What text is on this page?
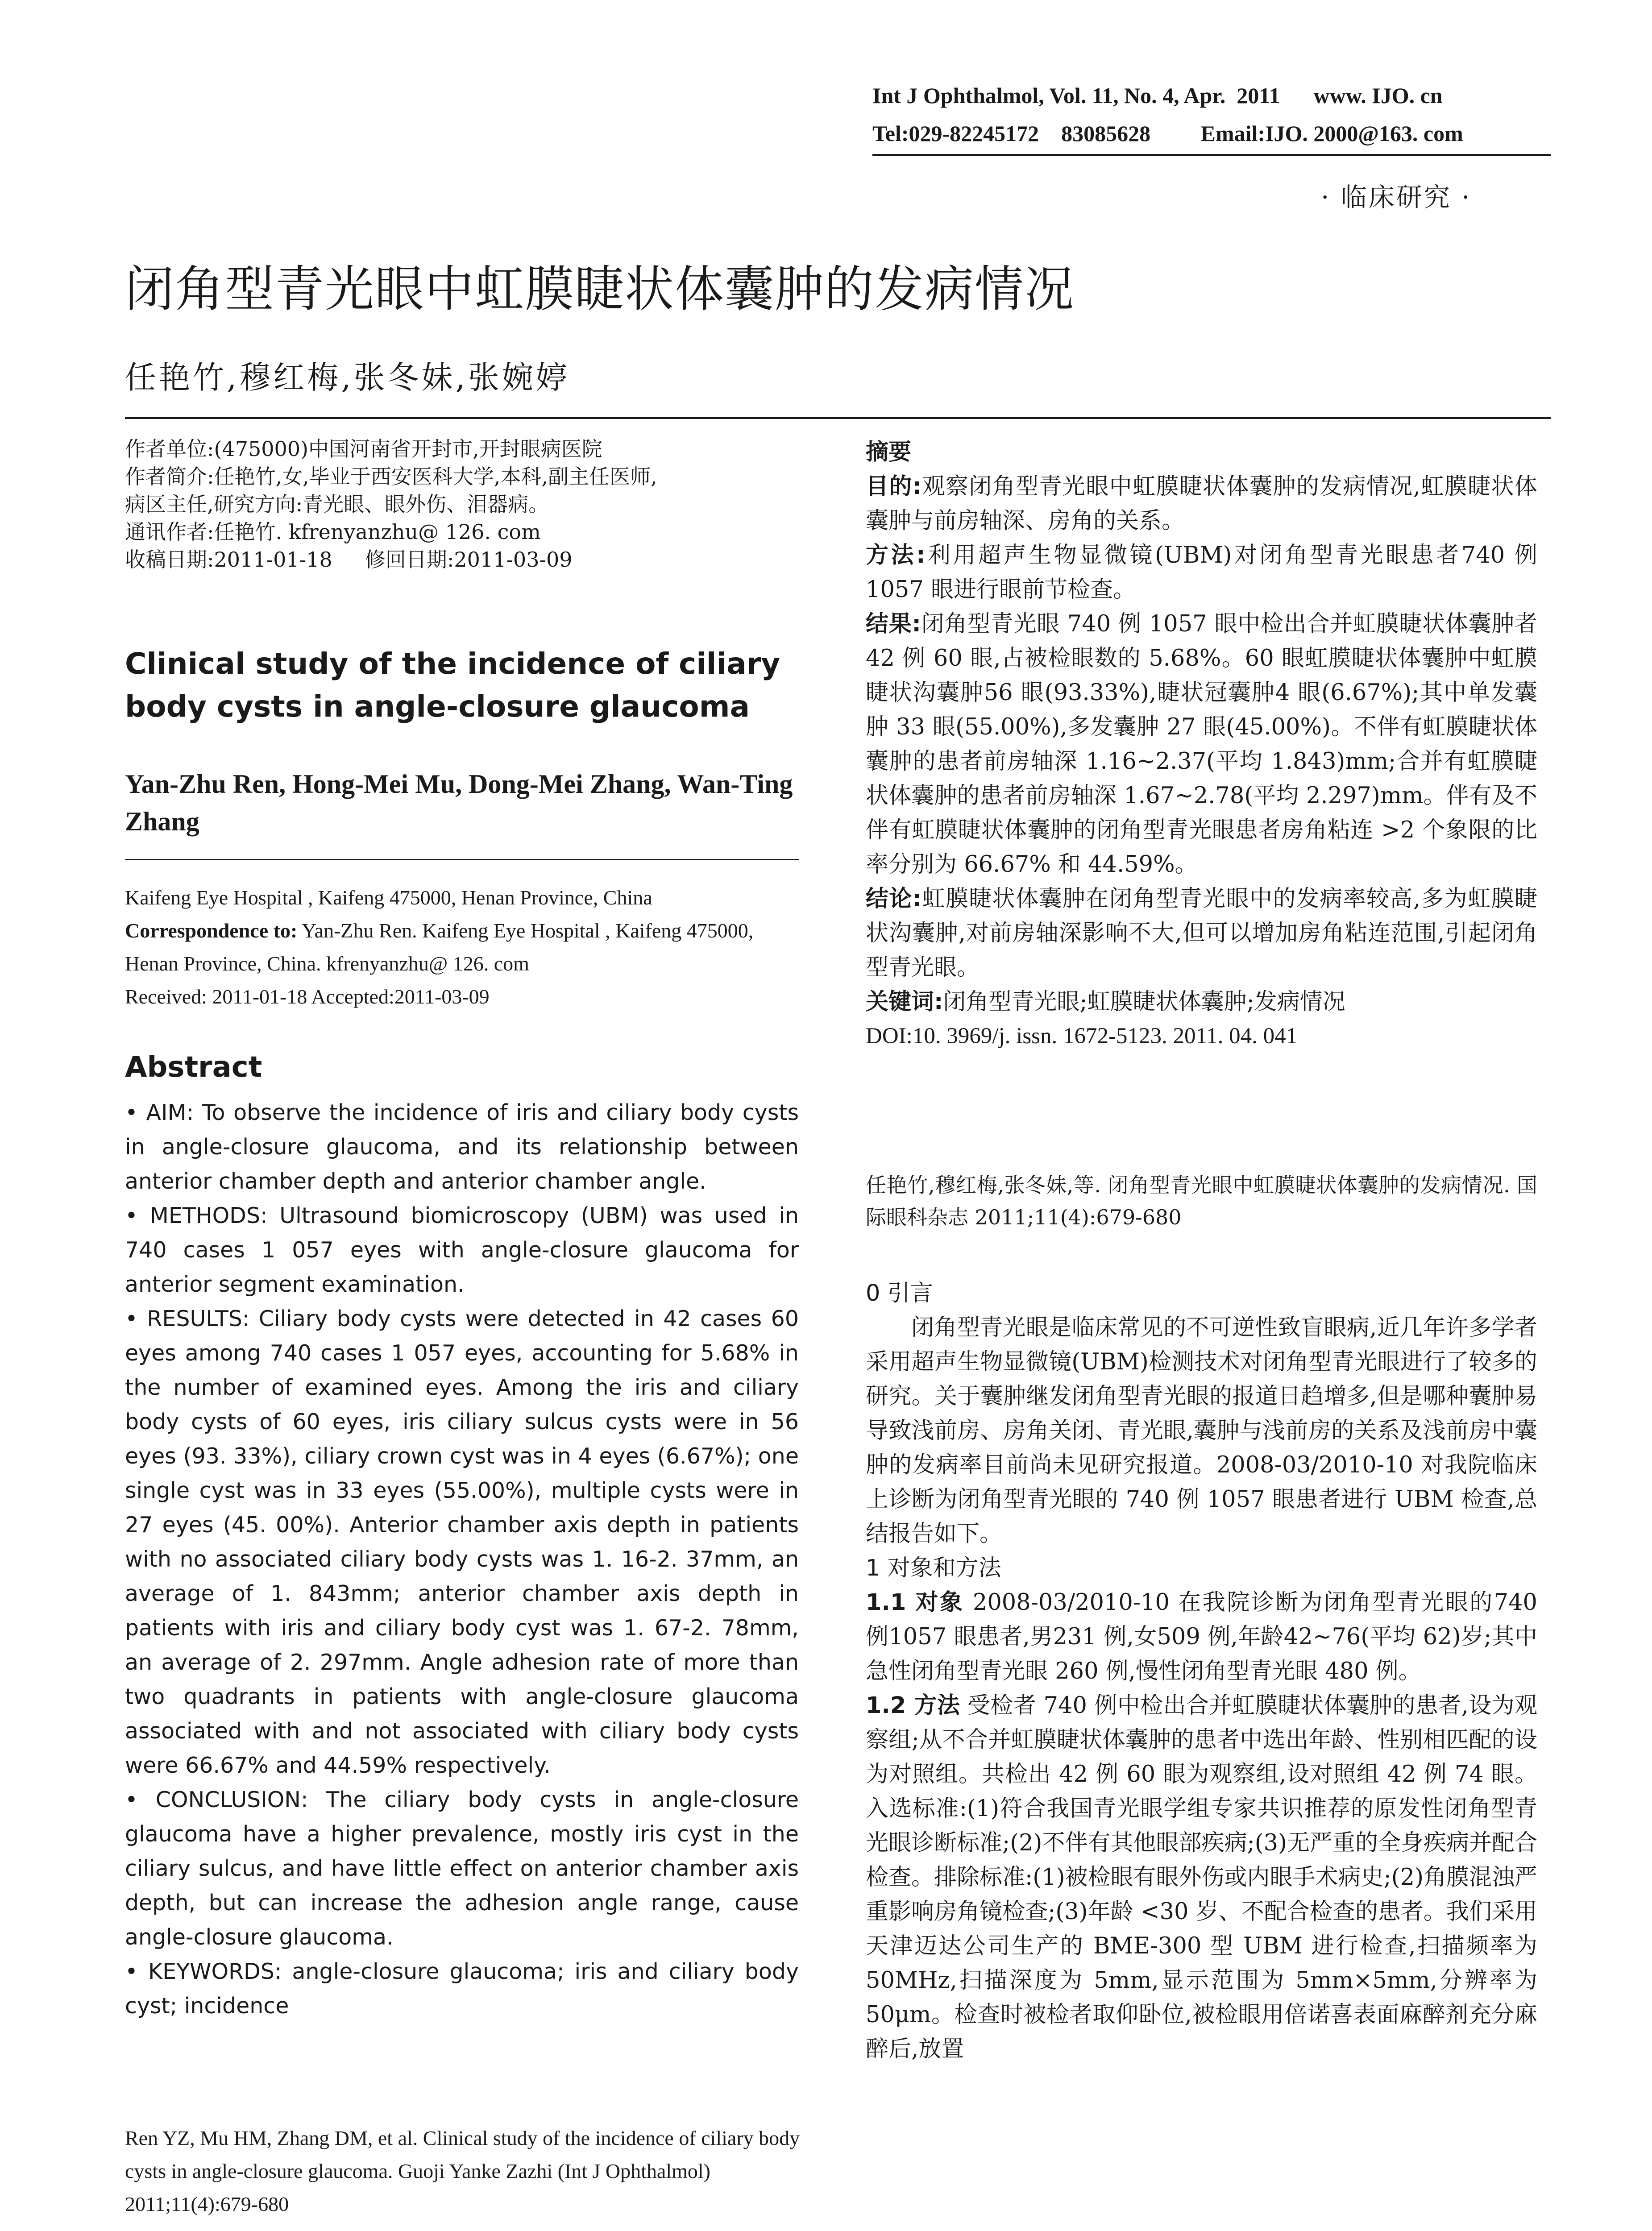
Int J Ophthalmol, Vol. 11, No. 4, Apr.  2011      www. IJO. cn
Tel:029-82245172    83085628         Email:IJO. 2000@163. com
· 临床研究 ·
闭角型青光眼中虹膜睫状体囊肿的发病情况
任艳竹,穆红梅,张冬妹,张婉婷
作者单位:(475000)中国河南省开封市,开封眼病医院
作者简介:任艳竹,女,毕业于西安医科大学,本科,副主任医师,
病区主任,研究方向:青光眼、眼外伤、泪器病。
通讯作者:任艳竹. kfrenyanzhu@ 126. com
收稿日期:2011-01-18     修回日期:2011-03-09
Clinical study of the incidence of ciliary body cysts in angle-closure glaucoma
Yan-Zhu Ren, Hong-Mei Mu, Dong-Mei Zhang, Wan-Ting Zhang
Kaifeng Eye Hospital , Kaifeng 475000, Henan Province, China
Correspondence to: Yan-Zhu Ren. Kaifeng Eye Hospital , Kaifeng 475000, Henan Province, China. kfrenyanzhu@ 126. com
Received: 2011-01-18 Accepted:2011-03-09
Abstract

• AIM: To observe the incidence of iris and ciliary body cysts in angle-closure glaucoma, and its relationship between anterior chamber depth and anterior chamber angle.

• METHODS: Ultrasound biomicroscopy (UBM) was used in 740 cases 1 057 eyes with angle-closure glaucoma for anterior segment examination.

• RESULTS: Ciliary body cysts were detected in 42 cases 60 eyes among 740 cases 1 057 eyes, accounting for 5.68% in the number of examined eyes. Among the iris and ciliary body cysts of 60 eyes, iris ciliary sulcus cysts were in 56 eyes (93. 33%), ciliary crown cyst was in 4 eyes (6.67%); one single cyst was in 33 eyes (55.00%), multiple cysts were in 27 eyes (45. 00%). Anterior chamber axis depth in patients with no associated ciliary body cysts was 1. 16-2. 37mm, an average of 1. 843mm; anterior chamber axis depth in patients with iris and ciliary body cyst was 1. 67-2. 78mm, an average of 2. 297mm. Angle adhesion rate of more than two quadrants in patients with angle-closure glaucoma associated with and not associated with ciliary body cysts were 66.67% and 44.59% respectively.

• CONCLUSION: The ciliary body cysts in angle-closure glaucoma have a higher prevalence, mostly iris cyst in the ciliary sulcus, and have little effect on anterior chamber axis depth, but can increase the adhesion angle range, cause angle-closure glaucoma.

• KEYWORDS: angle-closure glaucoma; iris and ciliary body cyst; incidence

Ren YZ, Mu HM, Zhang DM, et al. Clinical study of the incidence of ciliary body cysts in angle-closure glaucoma. Guoji Yanke Zazhi (Int J Ophthalmol) 2011;11(4):679-680

摘要

目的:观察闭角型青光眼中虹膜睫状体囊肿的发病情况,虹膜睫状体囊肿与前房轴深、房角的关系。

方法:利用超声生物显微镜(UBM)对闭角型青光眼患者740 例 1057 眼进行眼前节检查。

结果:闭角型青光眼 740 例 1057 眼中检出合并虹膜睫状体囊肿者 42 例 60 眼,占被检眼数的 5.68%。60 眼虹膜睫状体囊肿中虹膜睫状沟囊肿56 眼(93.33%),睫状冠囊肿4 眼(6.67%);其中单发囊肿 33 眼(55.00%),多发囊肿 27 眼(45.00%)。不伴有虹膜睫状体囊肿的患者前房轴深 1.16~2.37(平均 1.843)mm;合并有虹膜睫状体囊肿的患者前房轴深 1.67~2.78(平均 2.297)mm。伴有及不伴有虹膜睫状体囊肿的闭角型青光眼患者房角粘连 >2 个象限的比率分别为 66.67% 和 44.59%。

结论:虹膜睫状体囊肿在闭角型青光眼中的发病率较高,多为虹膜睫状沟囊肿,对前房轴深影响不大,但可以增加房角粘连范围,引起闭角型青光眼。

关键词:闭角型青光眼;虹膜睫状体囊肿;发病情况

DOI:10. 3969/j. issn. 1672-5123. 2011. 04. 041

任艳竹,穆红梅,张冬妹,等. 闭角型青光眼中虹膜睫状体囊肿的发病情况. 国际眼科杂志 2011;11(4):679-680

0 引言

闭角型青光眼是临床常见的不可逆性致盲眼病,近几年许多学者采用超声生物显微镜(UBM)检测技术对闭角型青光眼进行了较多的研究。关于囊肿继发闭角型青光眼的报道日趋增多,但是哪种囊肿易导致浅前房、房角关闭、青光眼,囊肿与浅前房的关系及浅前房中囊肿的发病率目前尚未见研究报道。2008-03/2010-10 对我院临床上诊断为闭角型青光眼的 740 例 1057 眼患者进行 UBM 检查,总结报告如下。

1 对象和方法

1.1 对象 2008-03/2010-10 在我院诊断为闭角型青光眼的740 例1057 眼患者,男231 例,女509 例,年龄42~76(平均 62)岁;其中急性闭角型青光眼 260 例,慢性闭角型青光眼 480 例。

1.2 方法 受检者 740 例中检出合并虹膜睫状体囊肿的患者,设为观察组;从不合并虹膜睫状体囊肿的患者中选出年龄、性别相匹配的设为对照组。共检出 42 例 60 眼为观察组,设对照组 42 例 74 眼。入选标准:(1)符合我国青光眼学组专家共识推荐的原发性闭角型青光眼诊断标准;(2)不伴有其他眼部疾病;(3)无严重的全身疾病并配合检查。排除标准:(1)被检眼有眼外伤或内眼手术病史;(2)角膜混浊严重影响房角镜检查;(3)年龄 <30 岁、不配合检查的患者。我们采用天津迈达公司生产的 BME-300 型 UBM 进行检查,扫描频率为 50MHz,扫描深度为 5mm,显示范围为 5mm×5mm,分辨率为 50μm。检查时被检者取仰卧位,被检眼用倍诺喜表面麻醉剂充分麻醉后,放置
